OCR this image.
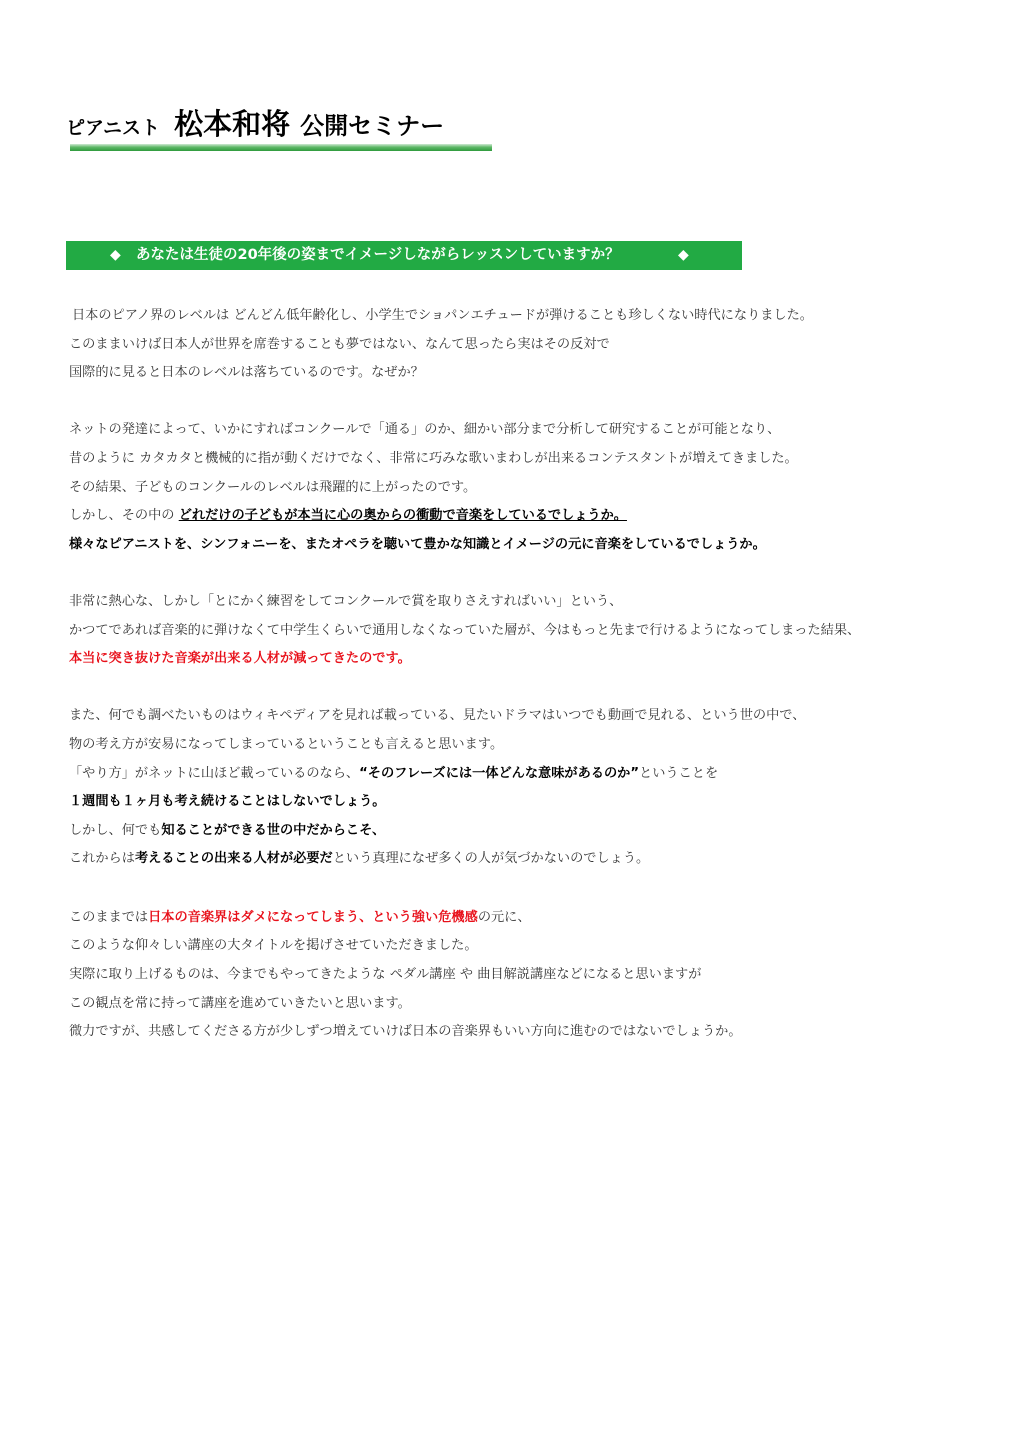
ピアニスト 松本和将 公開セミナー
◆ あなたは生徒の20年後の姿までイメージしながらレッスンしていますか？	◆
日本のピアノ界のレベルは どんどん低年齢化し、小学生でショパンエチュードが弾けることも珍しくない時代になりました。
このままいけば日本人が世界を席巻することも夢ではない、なんて思ったら実はその反対で
国際的に見ると日本のレベルは落ちているのです。なぜか？
ネットの発達によって、いかにすればコンクールで「通る」のか、細かい部分まで分析して研究することが可能となり、
昔のように カタカタと機械的に指が動くだけでなく、非常に巧みな歌いまわしが出来るコンテスタントが増えてきました。
その結果、子どものコンクールのレベルは飛躍的に上がったのです。
しかし、その中の どれだけの子どもが本当に心の奥からの衝動で音楽をしているでしょうか。
様々なピアニストを、シンフォニーを、またオペラを聴いて豊かな知識とイメージの元に音楽をしているでしょうか。
非常に熱心な、しかし「とにかく練習をしてコンクールで賞を取りさえすればいい」という、
かつてであれば音楽的に弾けなくて中学生くらいで通用しなくなっていた層が、今はもっと先まで行けるようになってしまった結果、
本当に突き抜けた音楽が出来る人材が減ってきたのです。
また、何でも調べたいものはウィキペディアを見れば載っている、見たいドラマはいつでも動画で見れる、という世の中で、
物の考え方が安易になってしまっているということも言えると思います。
「やり方」がネットに山ほど載っているのなら、“そのフレーズには一体どんな意味があるのか”ということを
１週間も１ヶ月も考え続けることはしないでしょう。
しかし、何でも知ることができる世の中だからこそ、
これからは考えることの出来る人材が必要だという真理になぜ多くの人が気づかないのでしょう。
このままでは日本の音楽界はダメになってしまう、という強い危機感の元に、
このような仰々しい講座の大タイトルを掲げさせていただきました。
実際に取り上げるものは、今までもやってきたような ペダル講座 や 曲目解説講座などになると思いますが
この観点を常に持って講座を進めていきたいと思います。
微力ですが、共感してくださる方が少しずつ増えていけば日本の音楽界もいい方向に進むのではないでしょうか。
